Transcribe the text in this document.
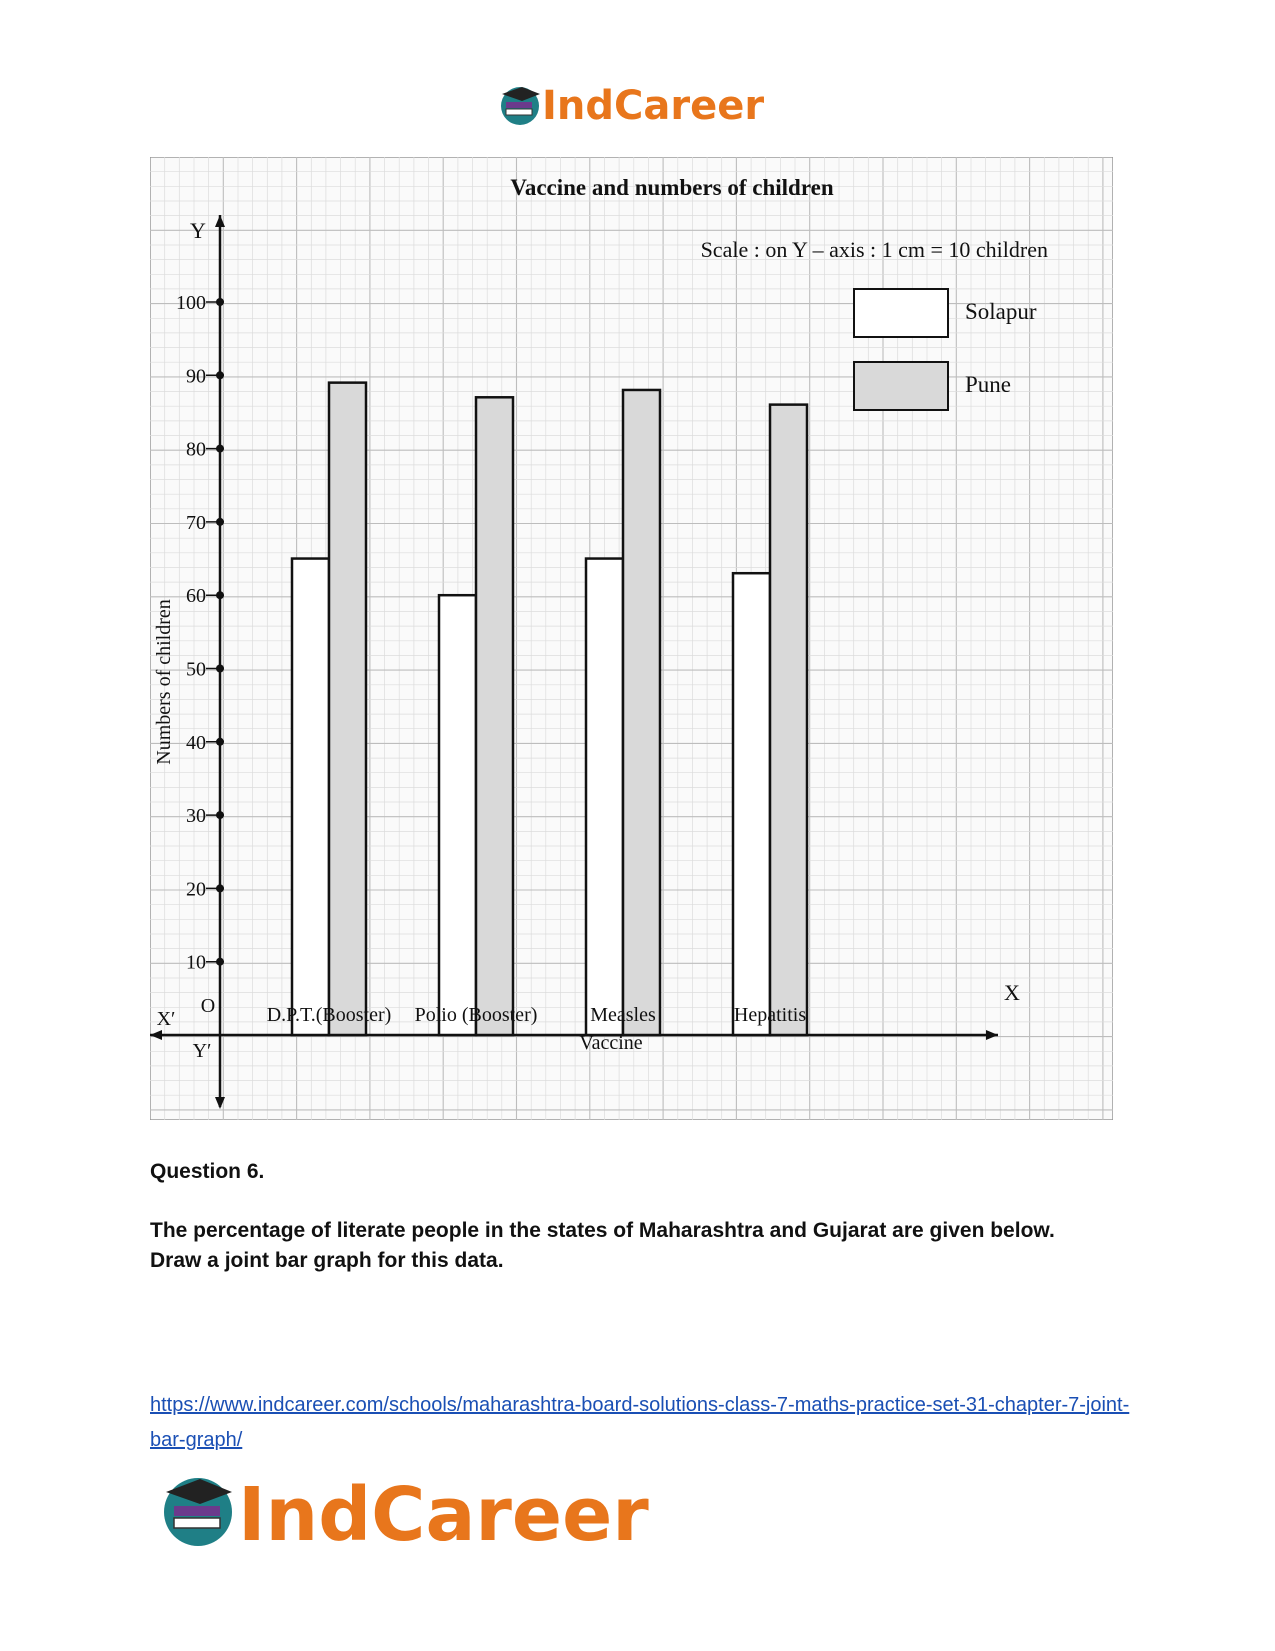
IndCareer
Vaccine and numbers of children
Scale : on Y – axis : 1 cm = 10 children
10
20
30
40
50
60
70
80
90
100	Solapur
Pune
D.P.T.(Booster) Polio (Booster)	Measles	Hepatitis
Numbers of children
Vaccine
Y
Y′
X′
O
X
Question 6.
The percentage of literate people in the states of Maharashtra and Gujarat are given below. Draw a joint bar graph for this data.
https://www.indcareer.com/schools/maharashtra-board-solutions-class-7-maths-practice-set-31-chapter-7-joint-bar-graph/
IndCareer
